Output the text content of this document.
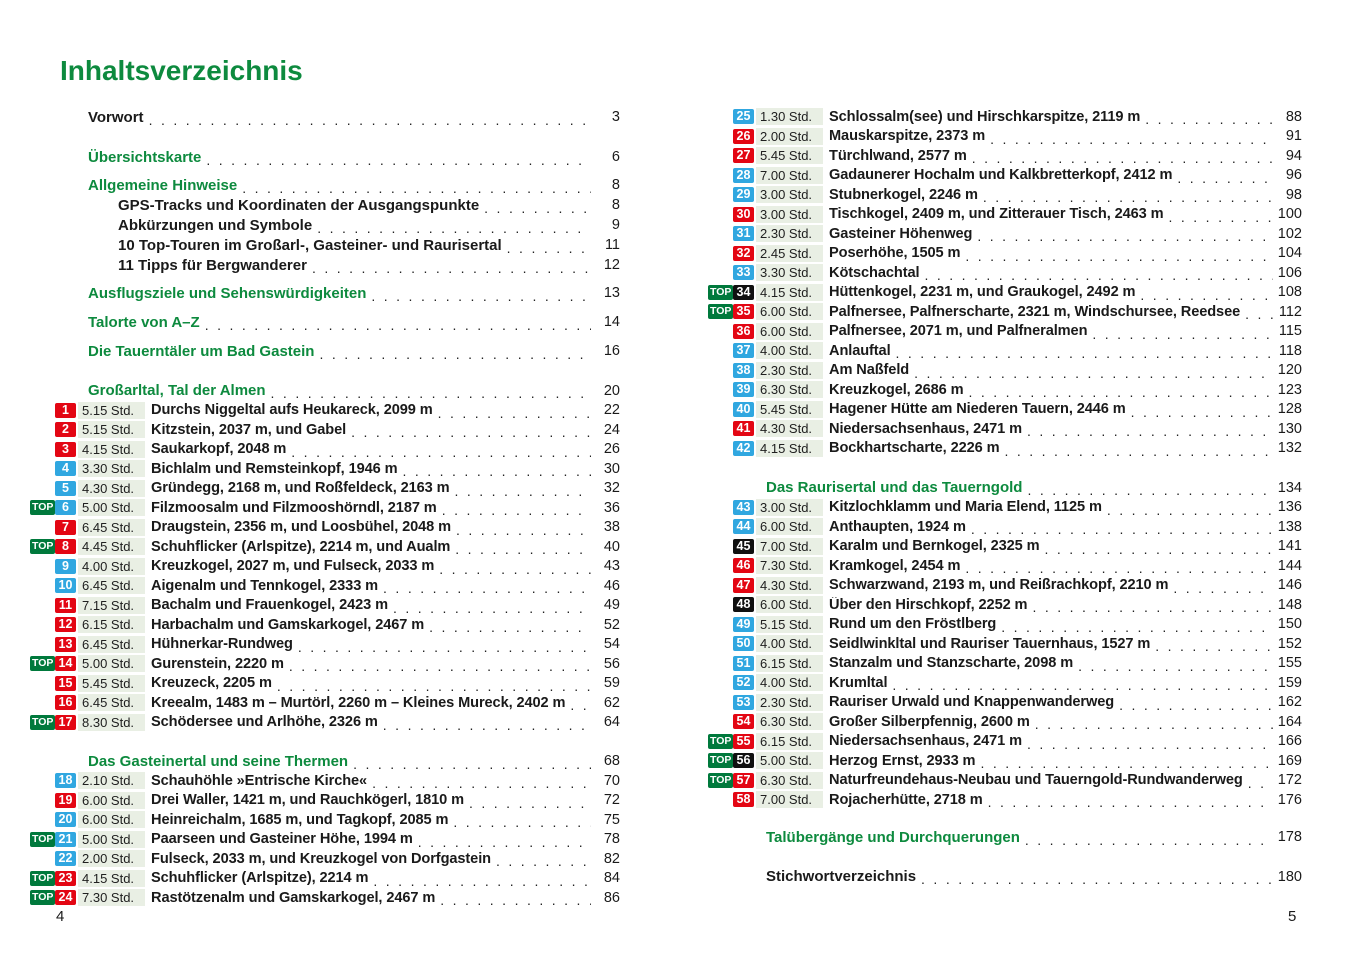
Inhaltsverzeichnis
Vorwort .....	3
Übersichtskarte .....	6
Allgemeine Hinweise .....	8
GPS-Tracks und Koordinaten der Ausgangspunkte .....	8
Abkürzungen und Symbole .....	9
10 Top-Touren im Großarl-, Gasteiner- und Raurisertal .....	11
11 Tipps für Bergwanderer .....	12
Ausflugsziele und Sehenswürdigkeiten .....	13
Talorte von A–Z .....	14
Die Tauerntäler um Bad Gastein .....	16
Großarltal, Tal der Almen .....	20
1	5.15 Std.	Durchs Niggeltal aufs Heukareck, 2099 m .....	22
2	5.15 Std.	Kitzstein, 2037 m, und Gabel .....	24
3	4.15 Std.	Saukarkopf, 2048 m .....	26
4	3.30 Std.	Bichlalm und Remsteinkopf, 1946 m .....	30
5	4.30 Std.	Gründegg, 2168 m, und Roßfeldeck, 2163 m .....	32
TOP 6	5.00 Std.	Filzmoosalm und Filzmooshörndl, 2187 m .....	36
7	6.45 Std.	Draugstein, 2356 m, und Loosbühel, 2048 m .....	38
TOP 8	4.45 Std.	Schuhflicker (Arlspitze), 2214 m, und Aualm .....	40
9	4.00 Std.	Kreuzkogel, 2027 m, und Fulseck, 2033 m .....	43
10 6.45 Std.	Aigenalm und Tennkogel, 2333 m .....	46
11 7.15 Std.	Bachalm und Frauenkogel, 2423 m .....	49
12 6.15 Std.	Harbachalm und Gamskarkogel, 2467 m .....	52
13 6.45 Std.	Hühnerkar-Rundweg .....	54
TOP 14 5.00 Std.	Gurenstein, 2220 m .....	56
15 5.45 Std.	Kreuzeck, 2205 m .....	59
16 6.45 Std.	Kreealm, 1483 m – Murtörl, 2260 m – Kleines Mureck, 2402 m .....	62
TOP 17 8.30 Std.	Schödersee und Arlhöhe, 2326 m .....	64
Das Gasteinertal und seine Thermen .....	68
18 2.10 Std.	Schauhöhle »Entrische Kirche« .....	70
19 6.00 Std.	Drei Waller, 1421 m, und Rauchkögerl, 1810 m .....	72
20 6.00 Std.	Heinreichalm, 1685 m, und Tagkopf, 2085 m .....	75
TOP 21 5.00 Std.	Paarseen und Gasteiner Höhe, 1994 m .....	78
22 2.00 Std.	Fulseck, 2033 m, und Kreuzkogel von Dorfgastein .....	82
TOP 23 4.15 Std.	Schuhflicker (Arlspitze), 2214 m .....	84
TOP 24 7.30 Std.	Rastötzenalm und Gamskarkogel, 2467 m .....	86
25 1.30 Std.	Schlossalm(see) und Hirschkarspitze, 2119 m .....	88
26 2.00 Std.	Mauskarspitze, 2373 m .....	91
27 5.45 Std.	Türchlwand, 2577 m .....	94
28 7.00 Std.	Gadaunerer Hochalm und Kalkbretterkopf, 2412 m .....	96
29 3.00 Std.	Stubnerkogel, 2246 m .....	98
30 3.00 Std.	Tischkogel, 2409 m, und Zitterauer Tisch, 2463 m .....	100
31 2.30 Std.	Gasteiner Höhenweg .....	102
32 2.45 Std.	Poserhöhe, 1505 m .....	104
33 3.30 Std.	Kötschachtal .....	106
TOP 34 4.15 Std.	Hüttenkogel, 2231 m, und Graukogel, 2492 m .....	108
TOP 35 6.00 Std.	Palfnersee, Palfnerscharte, 2321 m, Windschursee, Reedsee .....	112
36 6.00 Std.	Palfnersee, 2071 m, und Palfneralmen .....	115
37 4.00 Std.	Anlauftal .....	118
38 2.30 Std.	Am Naßfeld .....	120
39 6.30 Std.	Kreuzkogel, 2686 m .....	123
40 5.45 Std.	Hagener Hütte am Niederen Tauern, 2446 m .....	128
41 4.30 Std.	Niedersachsenhaus, 2471 m .....	130
42 4.15 Std.	Bockhartscharte, 2226 m .....	132
Das Raurisertal und das Tauerngold .....	134
43 3.00 Std.	Kitzlochklamm und Maria Elend, 1125 m .....	136
44 6.00 Std.	Anthaupten, 1924 m .....	138
45 7.00 Std.	Karalm und Bernkogel, 2325 m .....	141
46 7.30 Std.	Kramkogel, 2454 m .....	144
47 4.30 Std.	Schwarzwand, 2193 m, und Reißrachkopf, 2210 m .....	146
48 6.00 Std.	Über den Hirschkopf, 2252 m .....	148
49 5.15 Std.	Rund um den Fröstlberg .....	150
50 4.00 Std.	Seidlwinkltal und Rauriser Tauernhaus, 1527 m .....	152
51 6.15 Std.	Stanzalm und Stanzscharte, 2098 m .....	155
52 4.00 Std.	Krumltal .....	159
53 2.30 Std.	Rauriser Urwald und Knappenwanderweg .....	162
54 6.30 Std.	Großer Silberpfennig, 2600 m .....	164
TOP 55 6.15 Std.	Niedersachsenhaus, 2471 m .....	166
TOP 56 5.00 Std.	Herzog Ernst, 2933 m .....	169
TOP 57 6.30 Std.	Naturfreundehaus-Neubau und Tauerngold-Rundwanderweg ..... 172
58 7.00 Std.	Rojacherhütte, 2718 m .....	176
Talübergänge und Durchquerungen .....	178
Stichwortverzeichnis .....	180
4	5
